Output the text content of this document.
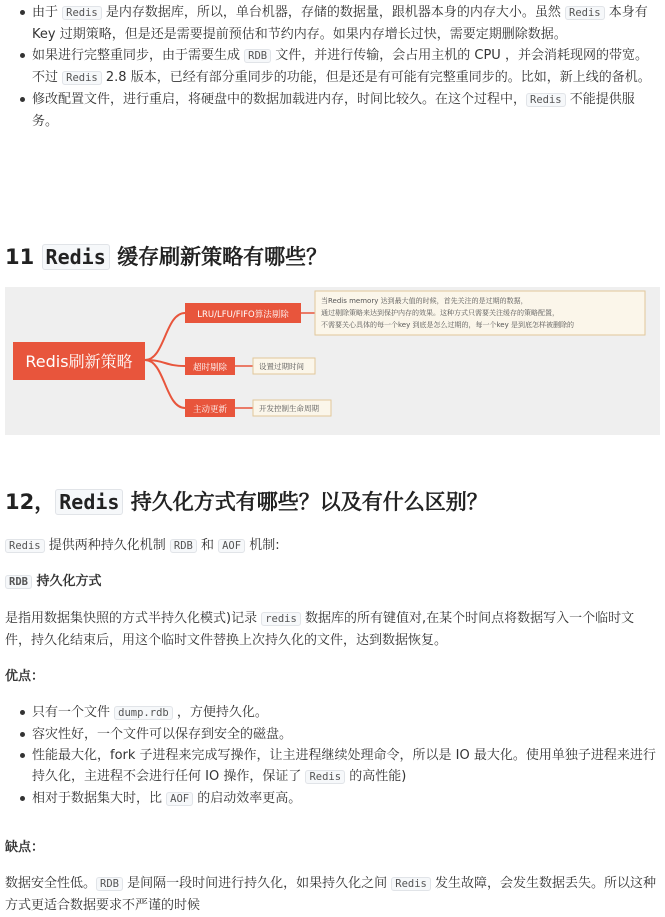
由于 Redis 是内存数据库，所以，单台机器，存储的数据量，跟机器本身的内存大小。虽然 Redis 本身有 Key 过期策略，但是还是需要提前预估和节约内存。如果内存增长过快，需要定期删除数据。
如果进行完整重同步，由于需要生成 RDB 文件，并进行传输，会占用主机的 CPU ，并会消耗现网的带宽。不过 Redis 2.8 版本，已经有部分重同步的功能，但是还是有可能有完整重同步的。比如，新上线的备机。
修改配置文件，进行重启，将硬盘中的数据加载进内存，时间比较久。在这个过程中， Redis 不能提供服务。
11 Redis 缓存刷新策略有哪些？
Redis刷新策略
LRU/LFU/FIFO算法剔除
超时剔除
主动更新
当Redis memory 达到最大值的时候，首先关注的是过期的数据，
通过剔除策略来达到保护内存的效果。这种方式只需要关注缓存的策略配置，
不需要关心具体的每一个key 到底是怎么过期的，每一个key 是到底怎样被删除的
设置过期时间
开发控制生命周期
12， Redis 持久化方式有哪些？以及有什么区别？
Redis 提供两种持久化机制 RDB 和 AOF 机制:
RDB 持久化方式
是指用数据集快照的方式半持久化模式)记录 redis 数据库的所有键值对,在某个时间点将数据写入一个临时文件，持久化结束后，用这个临时文件替换上次持久化的文件，达到数据恢复。
优点：
只有一个文件 dump.rdb ，方便持久化。
容灾性好，一个文件可以保存到安全的磁盘。
性能最大化，fork 子进程来完成写操作，让主进程继续处理命令，所以是 IO 最大化。使用单独子进程来进行持久化，主进程不会进行任何 IO 操作，保证了 Redis 的高性能)
相对于数据集大时，比 AOF 的启动效率更高。
缺点：
数据安全性低。 RDB 是间隔一段时间进行持久化，如果持久化之间 Redis 发生故障，会发生数据丢失。所以这种方式更适合数据要求不严谨的时候
